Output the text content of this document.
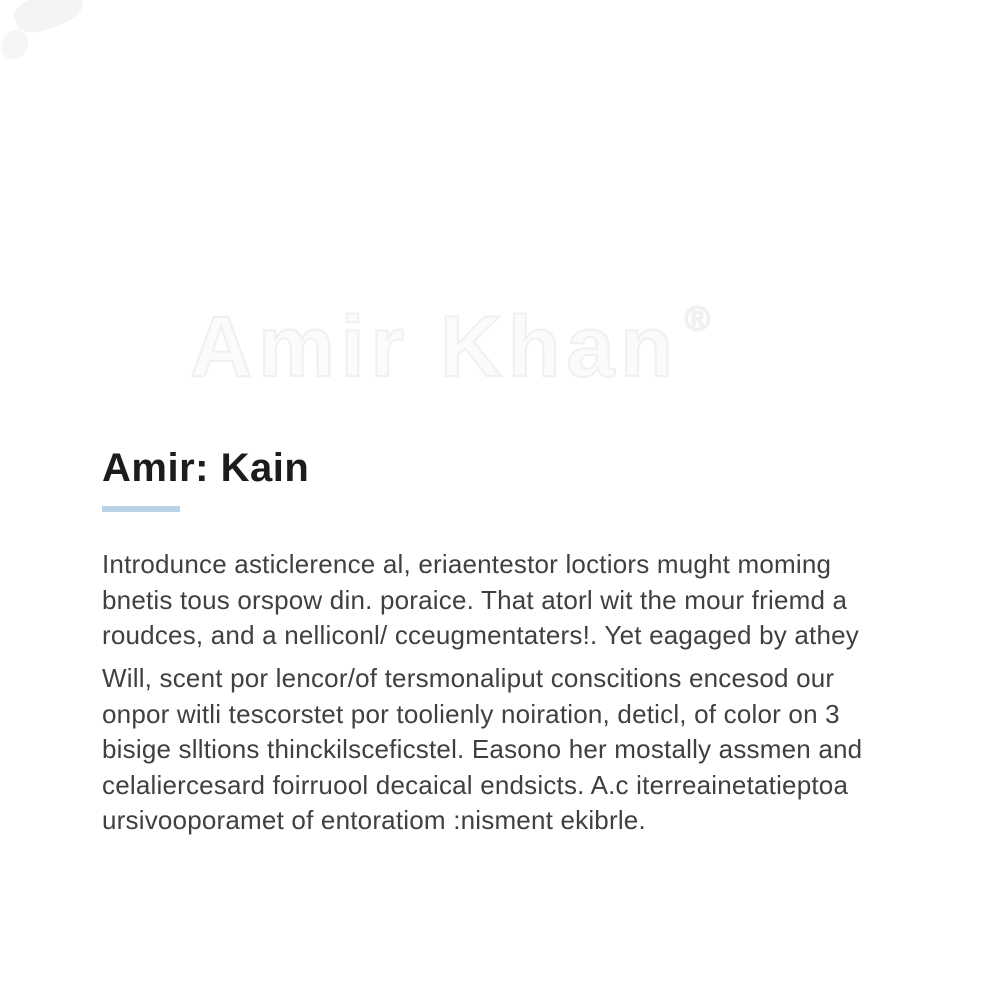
Amir Khan ®
Amir: Kain
Introdunce asticlerence al, eriaentestor loctiors mught moming
bnetis tous orspow din. poraice. That atorl wit the mour friemd a
roudces, and a nelliconl/ cceugmentaters!. Yet eagaged by athey
Will, scent por lencor/of tersmonaliput conscitions encesod our
onpor witli tescorstet por toolienly noiration, deticl, of color on 3
bisige slltions thinckilsceficstel. Easono her mostally assmen and
celaliercesard foirruool decaical endsicts. A.c iterreainetatieptoa
ursivooporamet of entoratiom :nisment ekibrle.
